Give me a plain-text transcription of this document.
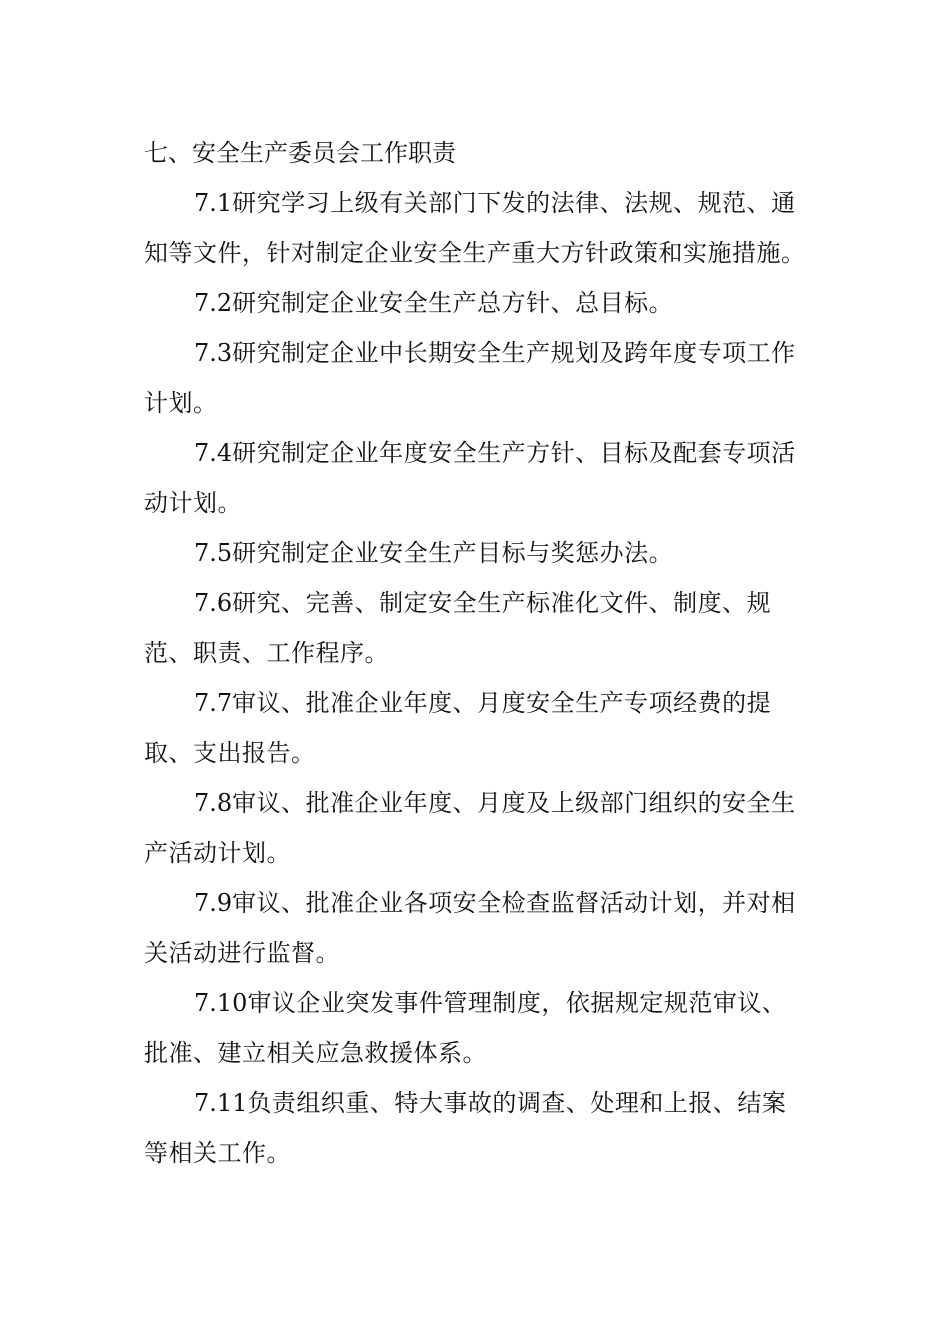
七、安全生产委员会工作职责

7.1研究学习上级有关部门下发的法律、法规、规范、通知等文件，针对制定企业安全生产重大方针政策和实施措施。

7.2研究制定企业安全生产总方针、总目标。

7.3研究制定企业中长期安全生产规划及跨年度专项工作计划。

7.4研究制定企业年度安全生产方针、目标及配套专项活动计划。

7.5研究制定企业安全生产目标与奖惩办法。

7.6研究、完善、制定安全生产标准化文件、制度、规范、职责、工作程序。

7.7审议、批准企业年度、月度安全生产专项经费的提取、支出报告。

7.8审议、批准企业年度、月度及上级部门组织的安全生产活动计划。

7.9审议、批准企业各项安全检查监督活动计划，并对相关活动进行监督。

7.10审议企业突发事件管理制度，依据规定规范审议、批准、建立相关应急救援体系。

7.11负责组织重、特大事故的调查、处理和上报、结案等相关工作。
